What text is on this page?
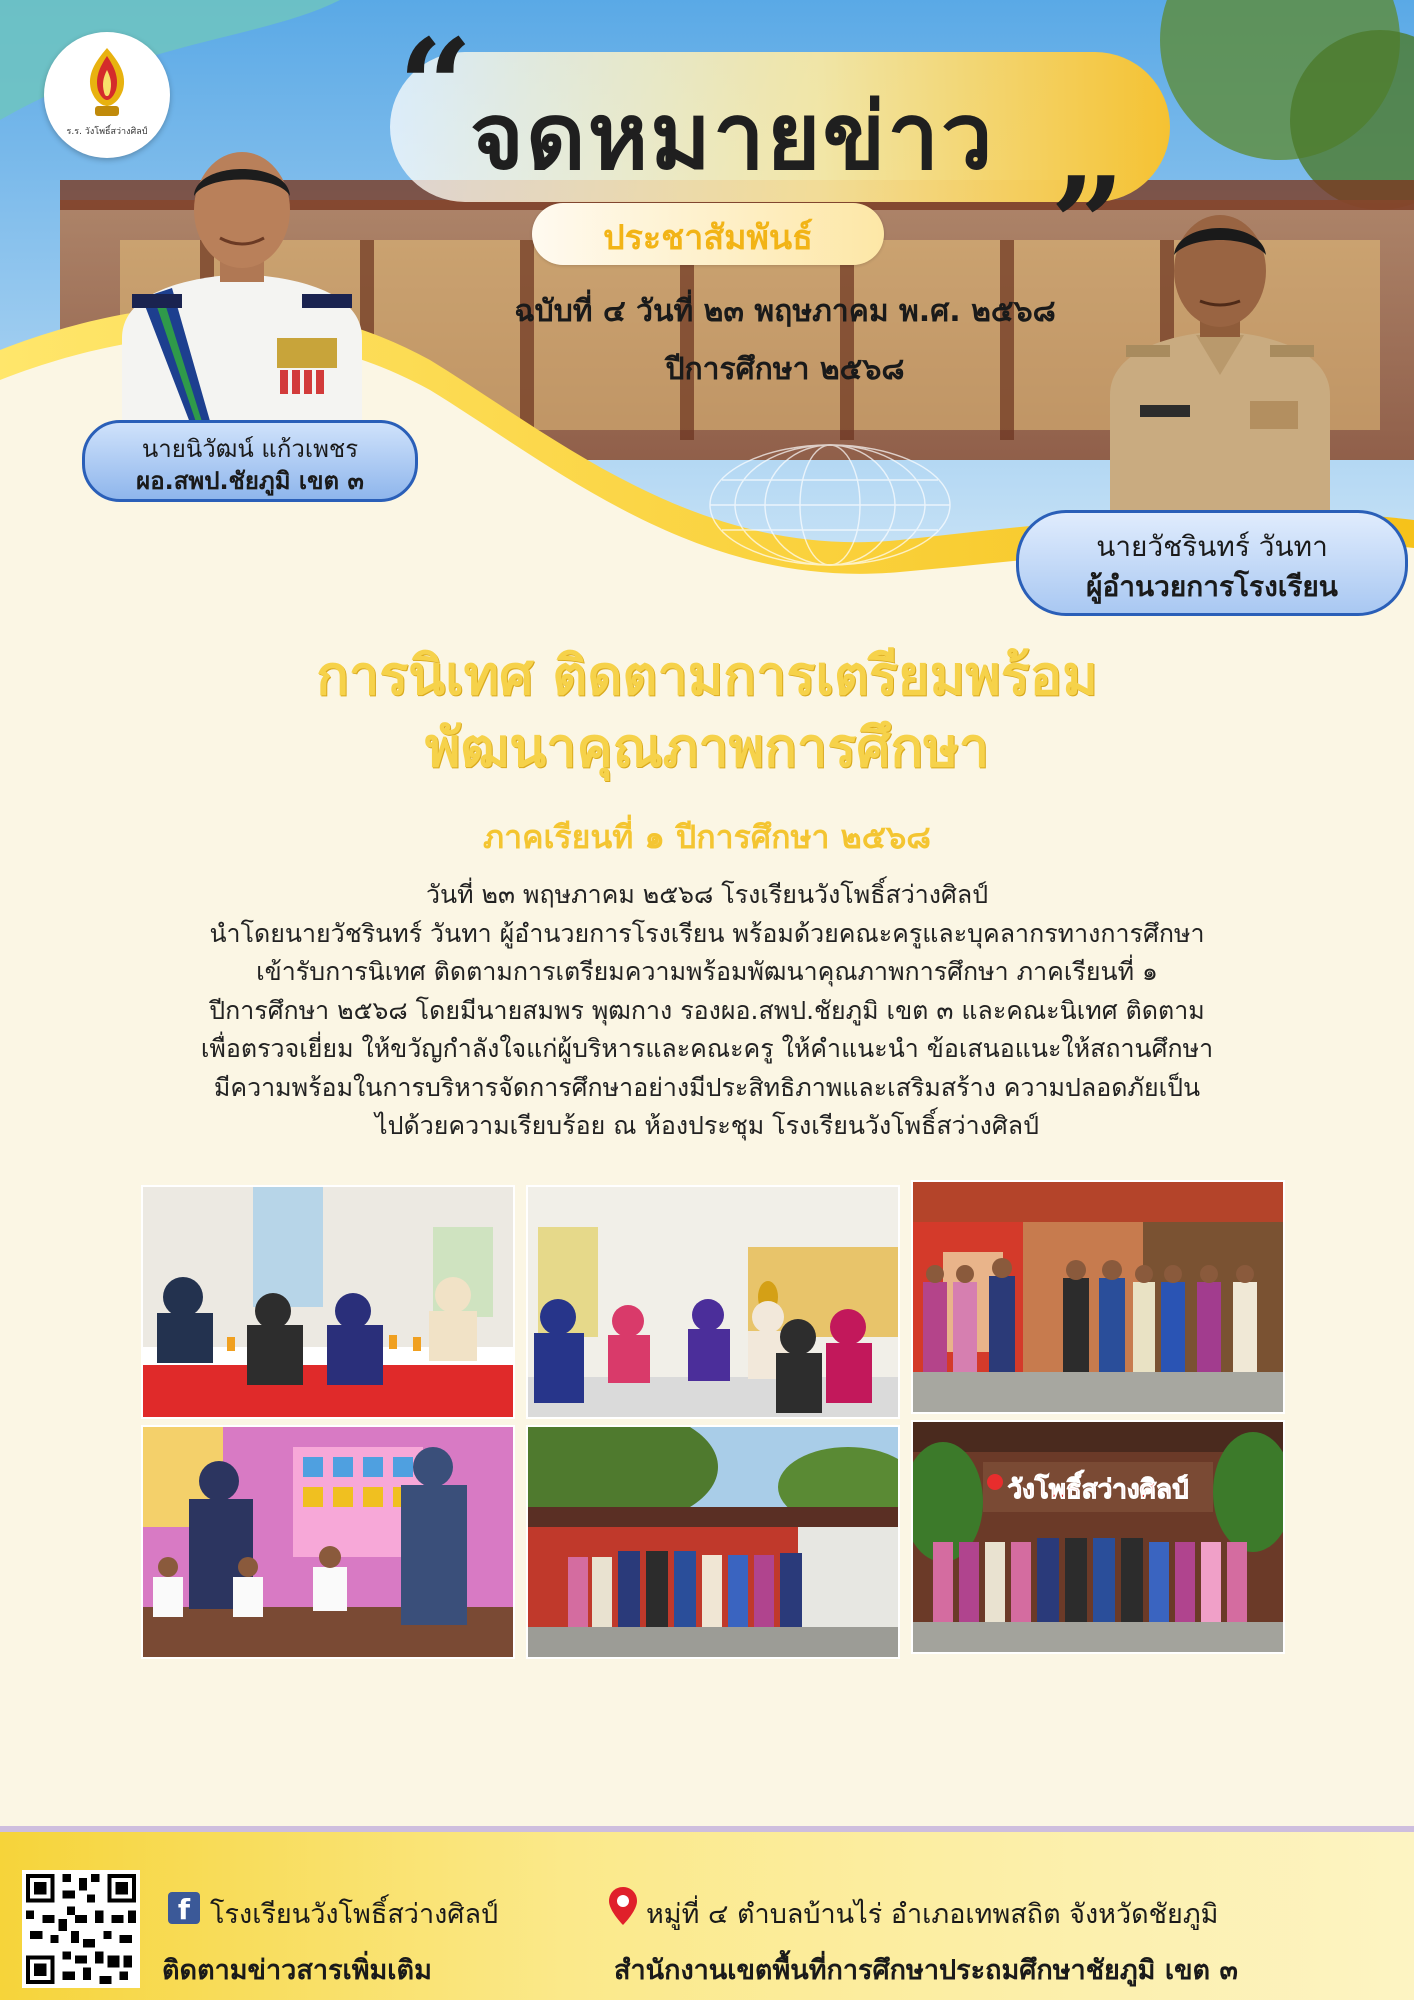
ร.ร. วังโพธิ์สว่างศิลป์ “
จดหมายข่าว
”
ประชาสัมพันธ์
ฉบับที่ ๔ วันที่ ๒๓ พฤษภาคม พ.ศ. ๒๕๖๘
ปีการศึกษา ๒๕๖๘
นายนิวัฒน์ แก้วเพชร
ผอ.สพป.ชัยภูมิ เขต ๓
นายวัชรินทร์ วันทา
ผู้อำนวยการโรงเรียน
การนิเทศ ติดตามการเตรียมพร้อม
พัฒนาคุณภาพการศึกษา
ภาคเรียนที่ ๑ ปีการศึกษา ๒๕๖๘
วันที่ ๒๓ พฤษภาคม ๒๕๖๘ โรงเรียนวังโพธิ์สว่างศิลป์
นำโดยนายวัชรินทร์ วันทา ผู้อำนวยการโรงเรียน พร้อมด้วยคณะครูและบุคลากรทางการศึกษา
เข้ารับการนิเทศ ติดตามการเตรียมความพร้อมพัฒนาคุณภาพการศึกษา ภาคเรียนที่ ๑
ปีการศึกษา ๒๕๖๘ โดยมีนายสมพร พุฒกาง รองผอ.สพป.ชัยภูมิ เขต ๓ และคณะนิเทศ ติดตาม
เพื่อตรวจเยี่ยม ให้ขวัญกำลังใจแก่ผู้บริหารและคณะครู ให้คำแนะนำ ข้อเสนอแนะให้สถานศึกษา
มีความพร้อมในการบริหารจัดการศึกษาอย่างมีประสิทธิภาพและเสริมสร้าง ความปลอดภัยเป็น
ไปด้วยความเรียบร้อย ณ ห้องประชุม โรงเรียนวังโพธิ์สว่างศิลป์
วังโพธิ์สว่างศิลป์
f โรงเรียนวังโพธิ์สว่างศิลป์
ติดตามข่าวสารเพิ่มเติม
หมู่ที่ ๔ ตำบลบ้านไร่ อำเภอเทพสถิต จังหวัดชัยภูมิ
สำนักงานเขตพื้นที่การศึกษาประถมศึกษาชัยภูมิ เขต ๓
